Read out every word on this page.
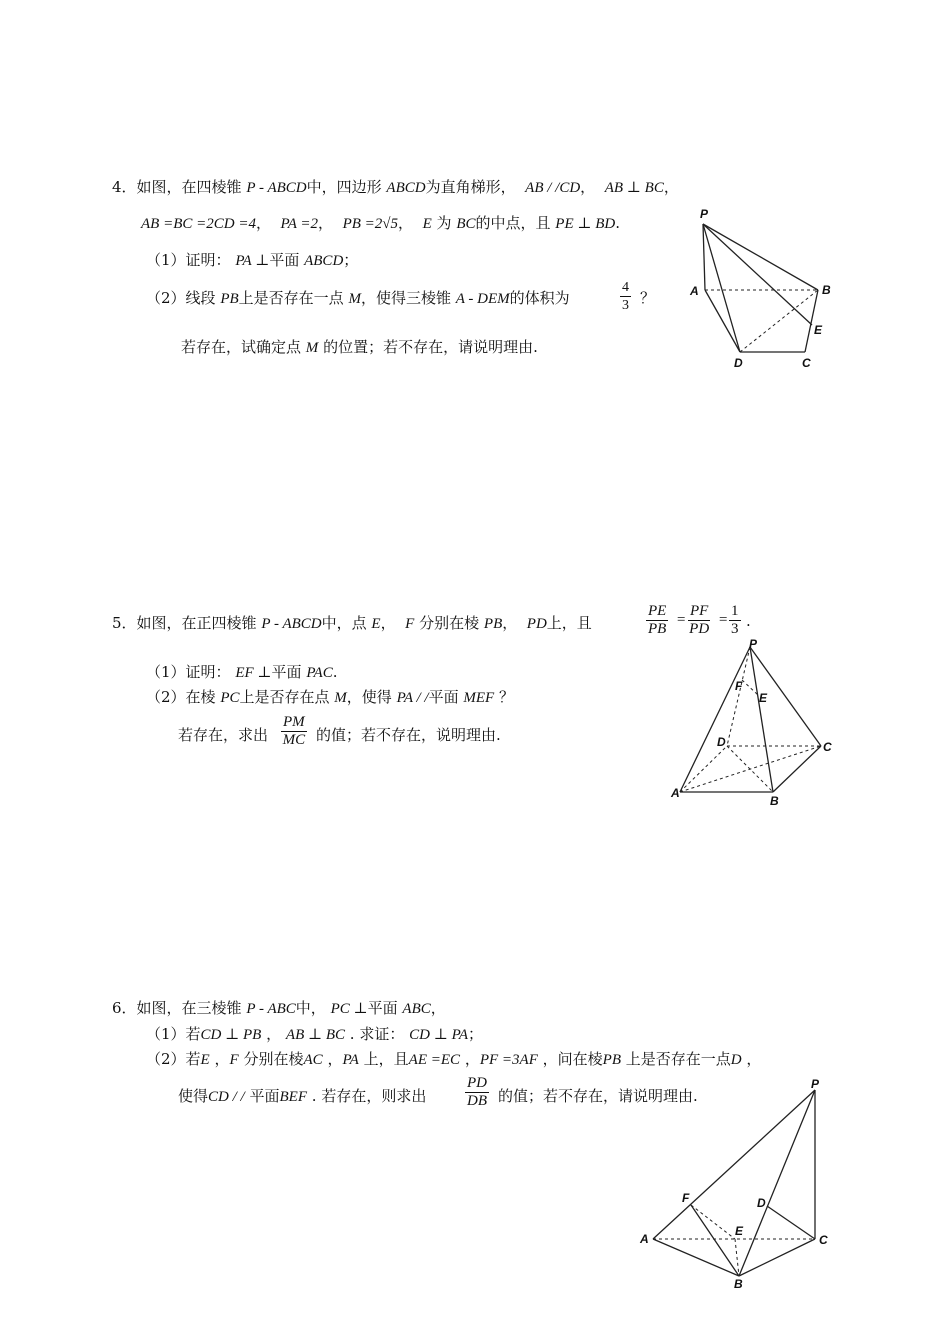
4．如图，在四棱锥 P - ABCD中，四边形 ABCD为直角梯形， AB / /CD， AB ⊥ BC，
AB =BC =2CD =4， PA =2， PB =2√5， E 为 BC的中点，且 PE ⊥ BD.
（1）证明： PA ⊥平面 ABCD；
（2）线段 PB上是否存在一点 M，使得三棱锥 A - DEM的体积为	$\frac{4}{3}$ ？
若存在，试确定点 M 的位置；若不存在，请说明理由.
P
A	B
E
C
D
5．如图，在正四棱锥 P - ABCD中，点 E， F 分别在棱 PB， PD上，且	$\frac{PE}{PB} = \frac{PF}{PD} = \frac{1}{3}$ .
（1）证明： EF ⊥平面 PAC.
（2）在棱 PC上是否存在点 M，使得 PA / /平面 MEF ？
若存在，求出 $\frac{PM}{MC}$ 的值；若不存在，说明理由.
P
F
E
D	C
A
B
6．如图，在三棱锥 P - ABC中， PC ⊥平面 ABC，
（1）若CD ⊥ PB ， AB ⊥ BC . 求证： CD ⊥ PA；
（2）若E ，F 分别在棱AC ，PA 上，且AE =EC ，PF =3AF ，问在棱PB 上是否存在一点D ，
使得CD / / 平面BEF . 若存在，则求出	$\frac{PD}{DB}$ 的值；若不存在，请说明理由.
P
F	D
A
E
C
B
